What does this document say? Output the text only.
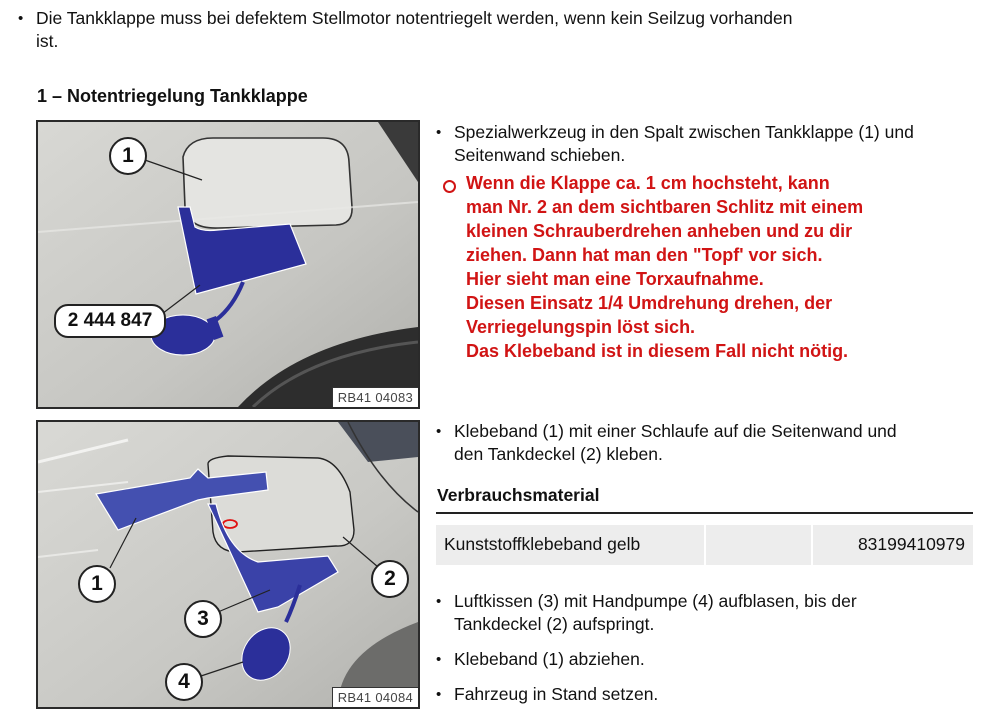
• Die Tankklappe muss bei defektem Stellmotor notentriegelt werden, wenn kein Seilzug vorhanden
ist.
1 – Notentriegelung Tankklappe
1
2 444 847
RB41 04083
1	2
3
4
RB41 04084
• Spezialwerkzeug in den Spalt zwischen Tankklappe (1) und
Seitenwand schieben.
Wenn die Klappe ca. 1 cm hochsteht, kann
man Nr. 2 an dem sichtbaren Schlitz mit einem
kleinen Schrauberdrehen anheben und zu dir
ziehen. Dann hat man den "Topf' vor sich.
Hier sieht man eine Torxaufnahme.
Diesen Einsatz 1/4 Umdrehung drehen, der
Verriegelungspin löst sich.
Das Klebeband ist in diesem Fall nicht nötig.
• Klebeband (1) mit einer Schlaufe auf die Seitenwand und
den Tankdeckel (2) kleben.
Verbrauchsmaterial
Kunststoffklebeband gelb	83199410979
• Luftkissen (3) mit Handpumpe (4) aufblasen, bis der
Tankdeckel (2) aufspringt.
• Klebeband (1) abziehen.
• Fahrzeug in Stand setzen.
